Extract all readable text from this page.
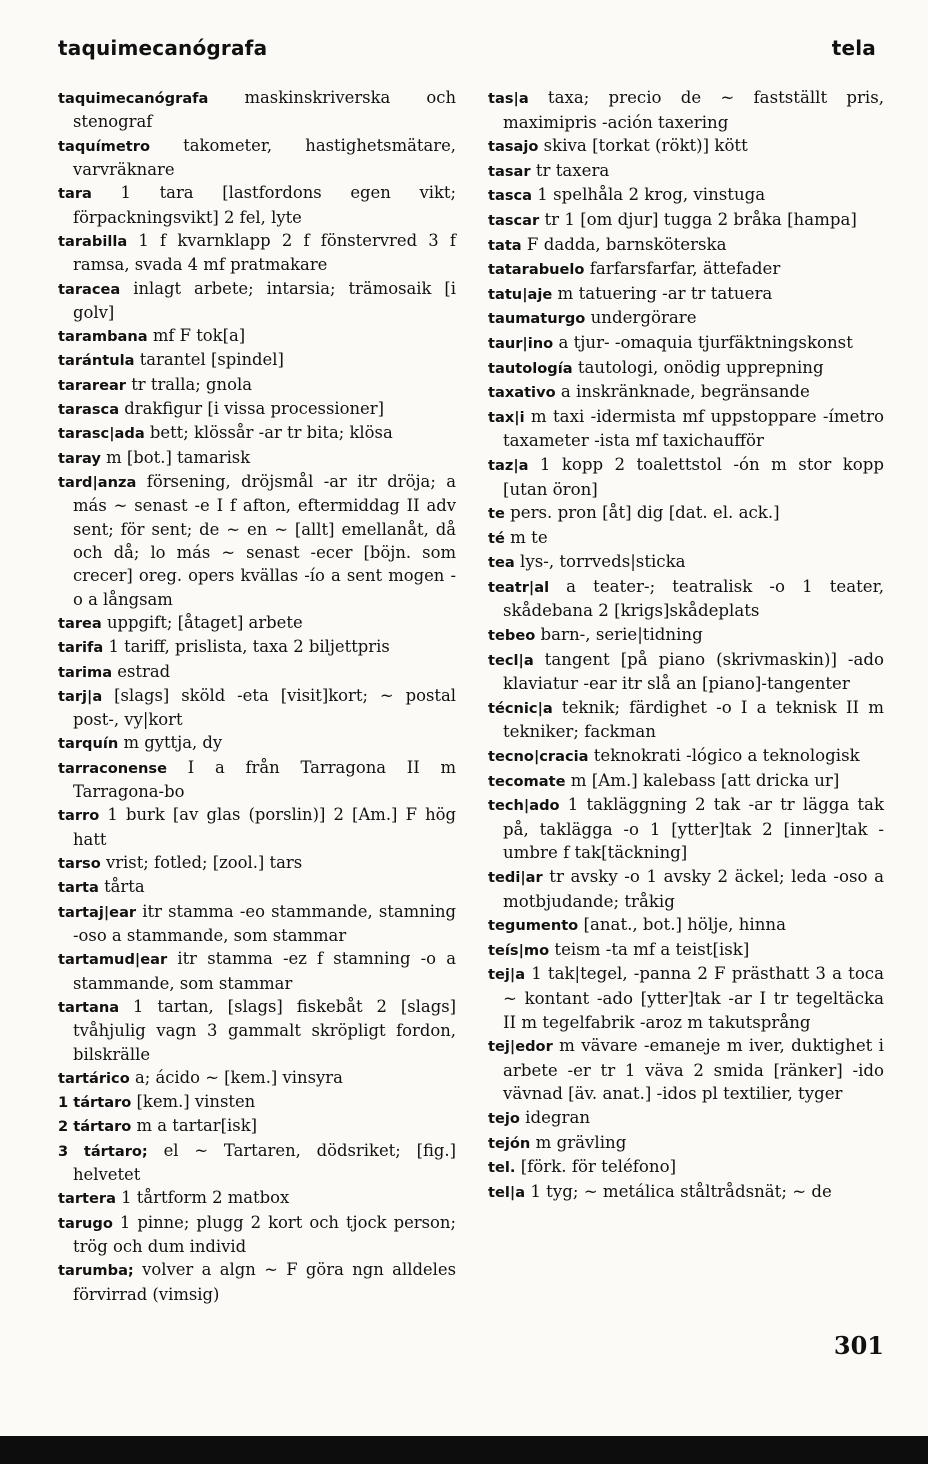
taquimecanógrafa	tela

taquimecanógrafa maskinskriverska och stenograf

taquímetro takometer, hastighetsmätare, varvräknare

tara 1 tara [lastfordons egen vikt; förpackningsvikt] 2 fel, lyte

tarabilla 1 f kvarnklapp 2 f fönstervred 3 f ramsa, svada 4 mf pratmakare

taracea inlagt arbete; intarsia; trämosaik [i golv]

tarambana mf F tok[a]

tarántula tarantel [spindel]

tararear tr tralla; gnola

tarasca drakfigur [i vissa processioner]

tarasc|ada bett; klössår -ar tr bita; klösa

taray m [bot.] tamarisk

tard|anza försening, dröjsmål -ar itr dröja; a más ~ senast -e I f afton, eftermiddag II adv sent; för sent; de ~ en ~ [allt] emellanåt, då och då; lo más ~ senast -ecer [böjn. som crecer] oreg. opers kvällas -ío a sent mogen -o a långsam

tarea uppgift; [åtaget] arbete

tarifa 1 tariff, prislista, taxa 2 biljettpris

tarima estrad

tarj|a [slags] sköld -eta [visit]kort; ~ postal post-, vy|kort

tarquín m gyttja, dy

tarraconense I a från Tarragona II m Tarragona-bo

tarro 1 burk [av glas (porslin)] 2 [Am.] F hög hatt

tarso vrist; fotled; [zool.] tars

tarta tårta

tartaj|ear itr stamma -eo stammande, stamning -oso a stammande, som stammar

tartamud|ear itr stamma -ez f stamning -o a stammande, som stammar

tartana 1 tartan, [slags] fiskebåt 2 [slags] tvåhjulig vagn 3 gammalt skröpligt fordon, bilskrälle

tartárico a; ácido ~ [kem.] vinsyra

1 tártaro [kem.] vinsten

2 tártaro m a tartar[isk]

3 tártaro; el ~ Tartaren, dödsriket; [fig.] helvetet

tartera 1 tårtform 2 matbox

tarugo 1 pinne; plugg 2 kort och tjock person; trög och dum individ

tarumba; volver a algn ~ F göra ngn alldeles förvirrad (vimsig)

tas|a taxa; precio de ~ fastställt pris, maximipris -ación taxering

tasajo skiva [torkat (rökt)] kött

tasar tr taxera

tasca 1 spelhåla 2 krog, vinstuga

tascar tr 1 [om djur] tugga 2 bråka [hampa]

tata F dadda, barnsköterska

tatarabuelo farfarsfarfar, ättefader

tatu|aje m tatuering -ar tr tatuera

taumaturgo undergörare

taur|ino a tjur- -omaquia tjurfäktningskonst

tautología tautologi, onödig upprepning

taxativo a inskränknade, begränsande

tax|i m taxi -idermista mf uppstoppare -ímetro taxameter -ista mf taxichaufför

taz|a 1 kopp 2 toalettstol -ón m stor kopp [utan öron]

te pers. pron [åt] dig [dat. el. ack.]

té m te

tea lys-, torrveds|sticka

teatr|al a teater-; teatralisk -o 1 teater, skådebana 2 [krigs]skådeplats

tebeo barn-, serie|tidning

tecl|a tangent [på piano (skrivmaskin)] -ado klaviatur -ear itr slå an [piano]-tangenter

técnic|a teknik; färdighet -o I a teknisk II m tekniker; fackman

tecno|cracia teknokrati -lógico a teknologisk

tecomate m [Am.] kalebass [att dricka ur]

tech|ado 1 takläggning 2 tak -ar tr lägga tak på, taklägga -o 1 [ytter]tak 2 [inner]tak -umbre f tak[täckning]

tedi|ar tr avsky -o 1 avsky 2 äckel; leda -oso a motbjudande; tråkig

tegumento [anat., bot.] hölje, hinna

teís|mo teism -ta mf a teist[isk]

tej|a 1 tak|tegel, -panna 2 F prästhatt 3 a toca ~ kontant -ado [ytter]tak -ar I tr tegeltäcka II m tegelfabrik -aroz m takutsprång

tej|edor m vävare -emaneje m iver, duktighet i arbete -er tr 1 väva 2 smida [ränker] -ido vävnad [äv. anat.] -idos pl textilier, tyger

tejo idegran

tejón m grävling

tel. [förk. för teléfono]

tel|a 1 tyg; ~ metálica ståltrådsnät; ~ de

301
